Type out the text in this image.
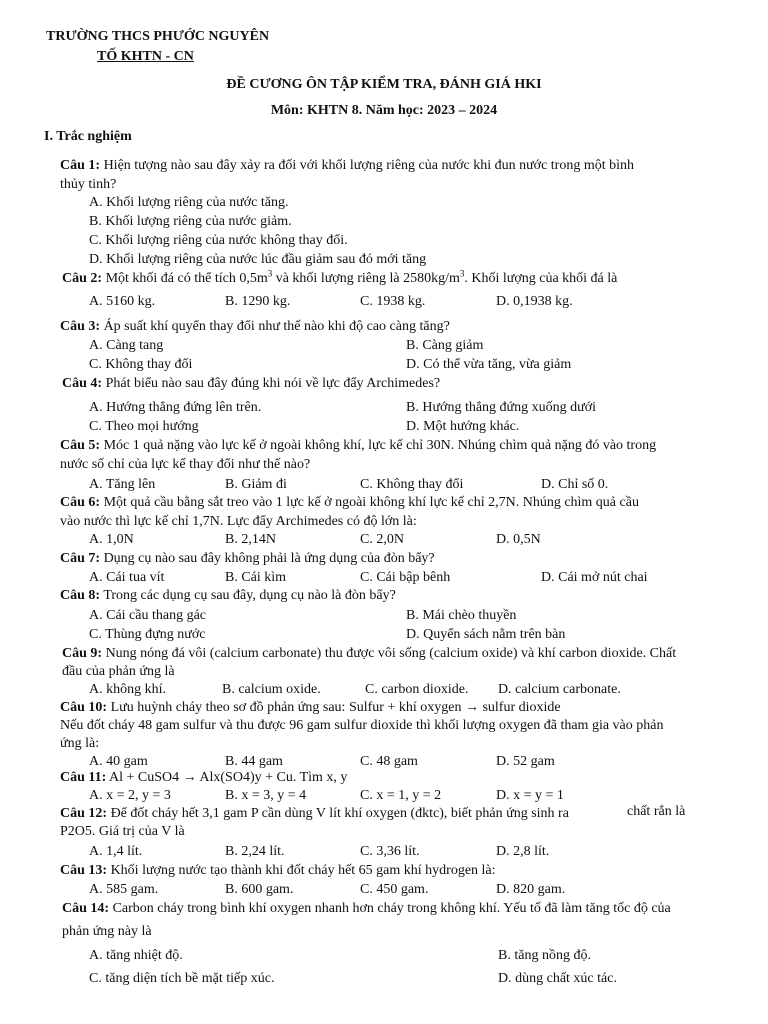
TRƯỜNG THCS PHƯỚC NGUYÊN
TỐ KHTN - CN
ĐỀ CƯƠNG ÔN TẬP KIỂM TRA, ĐÁNH GIÁ HKI
Môn: KHTN 8. Năm học: 2023 – 2024
I. Trắc nghiệm
Câu 1: Hiện tượng nào sau đây xảy ra đối với khối lượng riêng của nước khi đun nước trong một bình
thủy tinh?
A. Khối lượng riêng của nước tăng.
B. Khối lượng riêng của nước giảm.
C. Khối lượng riêng của nước không thay đổi.
D. Khối lượng riêng của nước lúc đầu giảm sau đó mới tăng
Câu 2: Một khối đá có thể tích $0,5m^3$ và khối lượng riêng là $2580kg/m^3$. Khối lượng của khối đá là
A. 5160 kg.	B. 1290 kg.	C. 1938 kg.	D. 0,1938 kg.
Câu 3: Áp suất khí quyển thay đổi như thế nào khi độ cao càng tăng?
A. Càng tang	B. Càng giảm
C. Không thay đổi	D. Có thể vừa tăng, vừa giảm
Câu 4: Phát biểu nào sau đây đúng khi nói về lực đẩy Archimedes?
A. Hướng thẳng đứng lên trên.	B. Hướng thẳng đứng xuống dưới
C. Theo mọi hướng	D. Một hướng khác.
Câu 5: Móc 1 quả nặng vào lực kế ở ngoài không khí, lực kế chỉ 30N. Nhúng chìm quả nặng đó vào trong
nước số chỉ của lực kế thay đổi như thế nào?
A. Tăng lên	B. Giảm đi	C. Không thay đổi	D. Chỉ số 0.
Câu 6: Một quả cầu bằng sắt treo vào 1 lực kế ở ngoài không khí lực kế chỉ 2,7N. Nhúng chìm quả cầu
vào nước thì lực kế chỉ 1,7N. Lực đẩy Archimedes có độ lớn là:
A. 1,0N	B. 2,14N	C. 2,0N	D. 0,5N
Câu 7: Dụng cụ nào sau đây không phải là ứng dụng của đòn bẩy?
A. Cái tua vít	B. Cái kìm	C. Cái bập bênh	D. Cái mở nút chai
Câu 8: Trong các dụng cụ sau đây, dụng cụ nào là đòn bẩy?
A. Cái cầu thang gác	B. Mái chèo thuyền
C. Thùng đựng nước	D. Quyển sách nằm trên bàn
Câu 9: Nung nóng đá vôi (calcium carbonate) thu được vôi sống (calcium oxide) và khí carbon dioxide. Chất
đầu của phản ứng là
A. không khí.	B. calcium oxide.	C. carbon dioxide. D. calcium carbonate.
Câu 10: Lưu huỳnh cháy theo sơ đồ phản ứng sau: Sulfur + khí oxygen → sulfur dioxide
Nếu đốt cháy 48 gam sulfur và thu được 96 gam sulfur dioxide thì khối lượng oxygen đã tham gia vào phản
ứng là:
A. 40 gam	B. 44 gam	C. 48 gam	D. 52 gam
Câu 11: Al + CuSO4 → Alx(SO4)y + Cu. Tìm x, y
A. x = 2, y = 3	B. x = 3, y = 4	C. x = 1, y = 2	D. x = y = 1
Câu 12: Để đốt cháy hết 3,1 gam P cần dùng V lít khí oxygen (đktc), biết phản ứng sinh ra	chất rắn là
P2O5. Giá trị của V là
A. 1,4 lít.	B. 2,24 lít.	C. 3,36 lít.	D. 2,8 lít.
Câu 13: Khối lượng nước tạo thành khi đốt cháy hết 65 gam khí hydrogen là:
A. 585 gam.	B. 600 gam.	C. 450 gam.	D. 820 gam.
Câu 14: Carbon cháy trong bình khí oxygen nhanh hơn cháy trong không khí. Yếu tố đã làm tăng tốc độ của
phản ứng này là
A. tăng nhiệt độ.	B. tăng nồng độ.
C. tăng diện tích bề mặt tiếp xúc.	D. dùng chất xúc tác.
